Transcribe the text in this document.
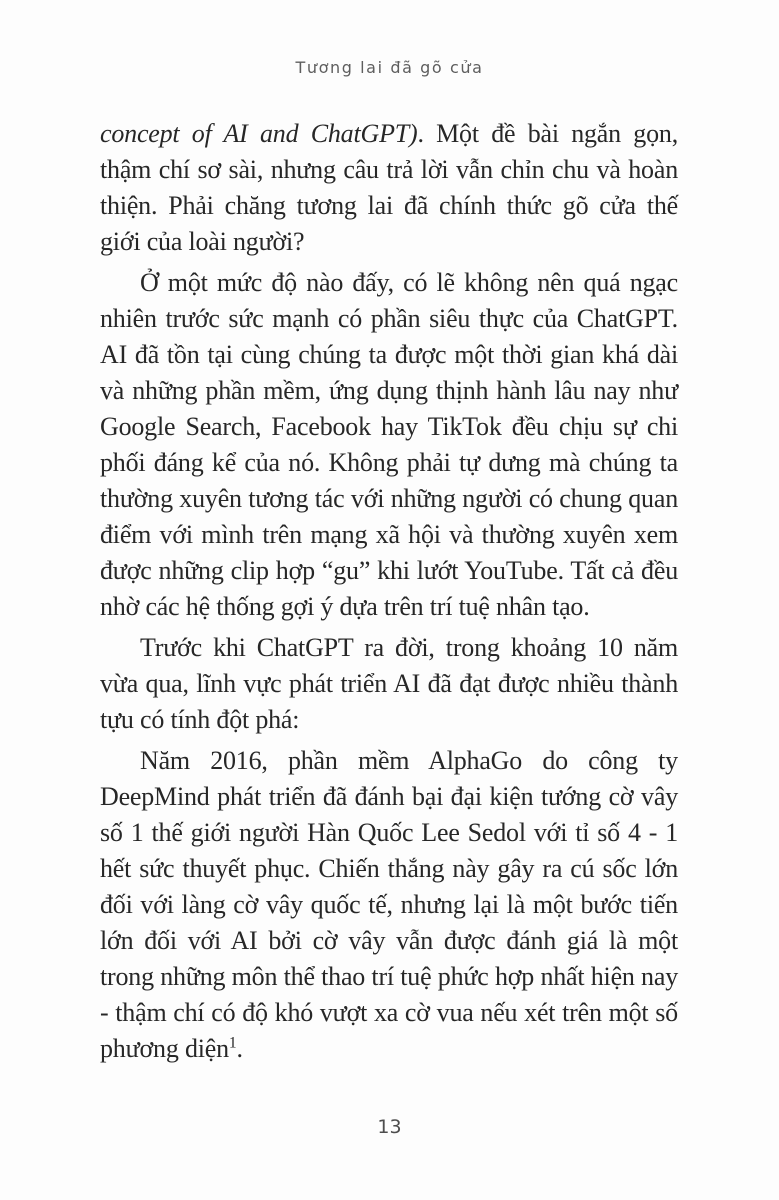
Tương lai đã gõ cửa

concept of AI and ChatGPT). Một đề bài ngắn gọn, thậm chí sơ sài, nhưng câu trả lời vẫn chỉn chu và hoàn thiện. Phải chăng tương lai đã chính thức gõ cửa thế giới của loài người?

Ở một mức độ nào đấy, có lẽ không nên quá ngạc nhiên trước sức mạnh có phần siêu thực của ChatGPT. AI đã tồn tại cùng chúng ta được một thời gian khá dài và những phần mềm, ứng dụng thịnh hành lâu nay như Google Search, Facebook hay TikTok đều chịu sự chi phối đáng kể của nó. Không phải tự dưng mà chúng ta thường xuyên tương tác với những người có chung quan điểm với mình trên mạng xã hội và thường xuyên xem được những clip hợp “gu” khi lướt YouTube. Tất cả đều nhờ các hệ thống gợi ý dựa trên trí tuệ nhân tạo.

Trước khi ChatGPT ra đời, trong khoảng 10 năm vừa qua, lĩnh vực phát triển AI đã đạt được nhiều thành tựu có tính đột phá:

Năm 2016, phần mềm AlphaGo do công ty DeepMind phát triển đã đánh bại đại kiện tướng cờ vây số 1 thế giới người Hàn Quốc Lee Sedol với tỉ số 4 - 1 hết sức thuyết phục. Chiến thắng này gây ra cú sốc lớn đối với làng cờ vây quốc tế, nhưng lại là một bước tiến lớn đối với AI bởi cờ vây vẫn được đánh giá là một trong những môn thể thao trí tuệ phức hợp nhất hiện nay - thậm chí có độ khó vượt xa cờ vua nếu xét trên một số phương diện$^1$.

13
